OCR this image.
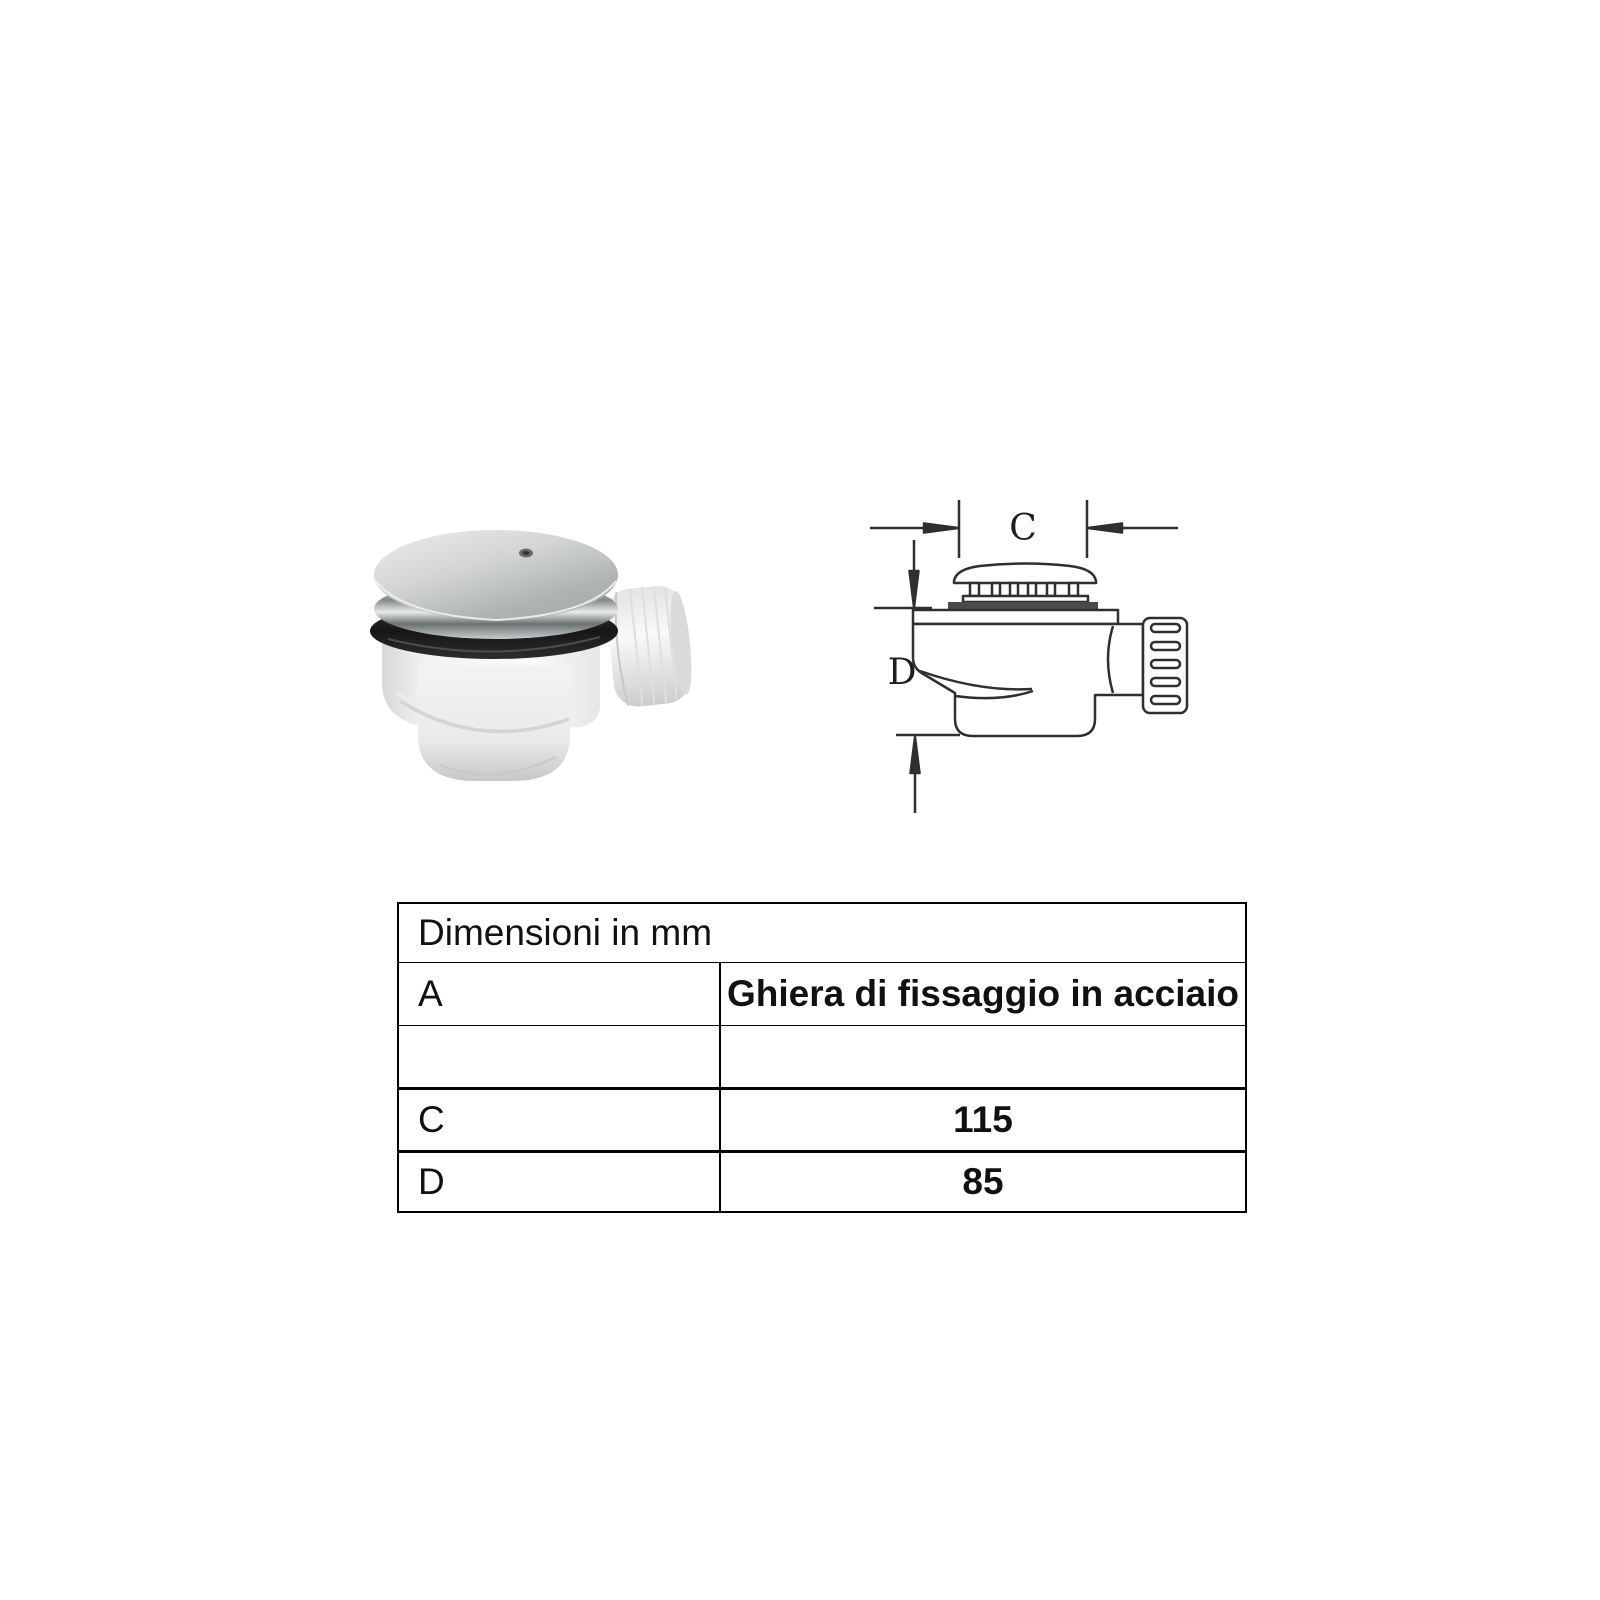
C
D
Dimensioni in mm	
A	Ghiera di fissaggio in acciaio

C	115
D	85
